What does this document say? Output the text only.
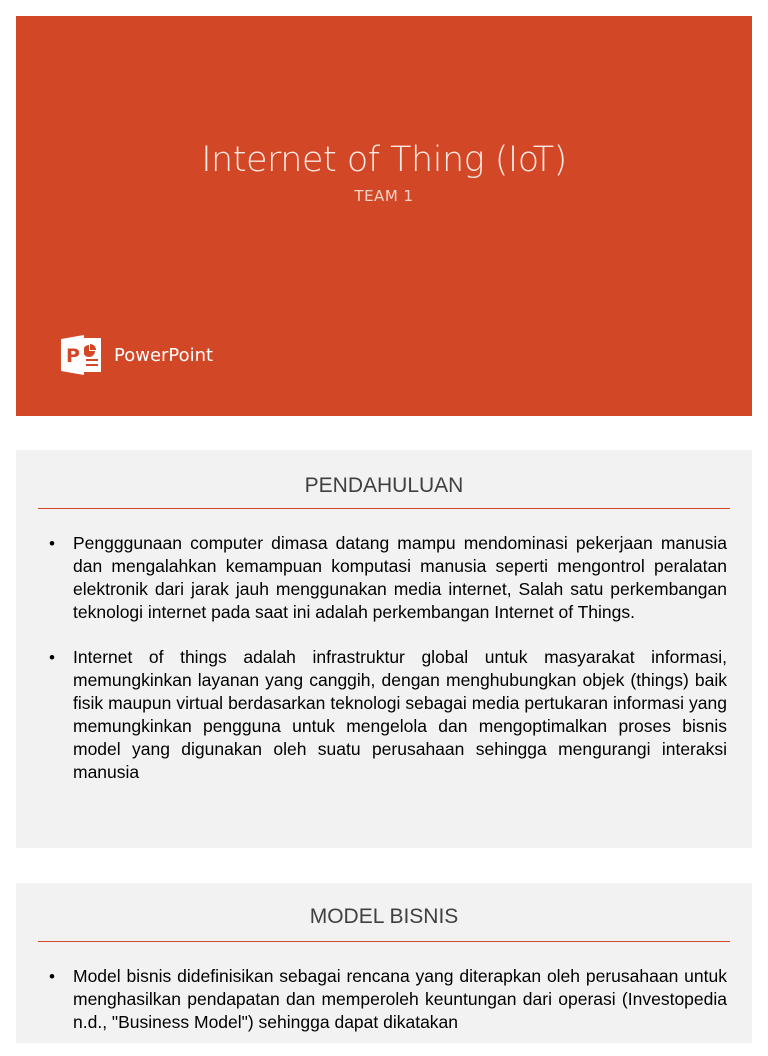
Internet of Thing (IoT)
TEAM 1
P PowerPoint
PENDAHULUAN
• Pengggunaan computer dimasa datang mampu mendominasi pekerjaan manusia dan mengalahkan kemampuan komputasi manusia seperti mengontrol peralatan elektronik dari jarak jauh menggunakan media internet, Salah satu perkembangan teknologi internet pada saat ini adalah perkembangan Internet of Things.
• Internet of things adalah infrastruktur global untuk masyarakat informasi, memungkinkan layanan yang canggih, dengan menghubungkan objek (things) baik fisik maupun virtual berdasarkan teknologi sebagai media pertukaran informasi yang memungkinkan pengguna untuk mengelola dan mengoptimalkan proses bisnis model yang digunakan oleh suatu perusahaan sehingga mengurangi interaksi manusia
MODEL BISNIS
• Model bisnis didefinisikan sebagai rencana yang diterapkan oleh perusahaan untuk menghasilkan pendapatan dan memperoleh keuntungan dari operasi (Investopedia n.d., "Business Model") sehingga dapat dikatakan
